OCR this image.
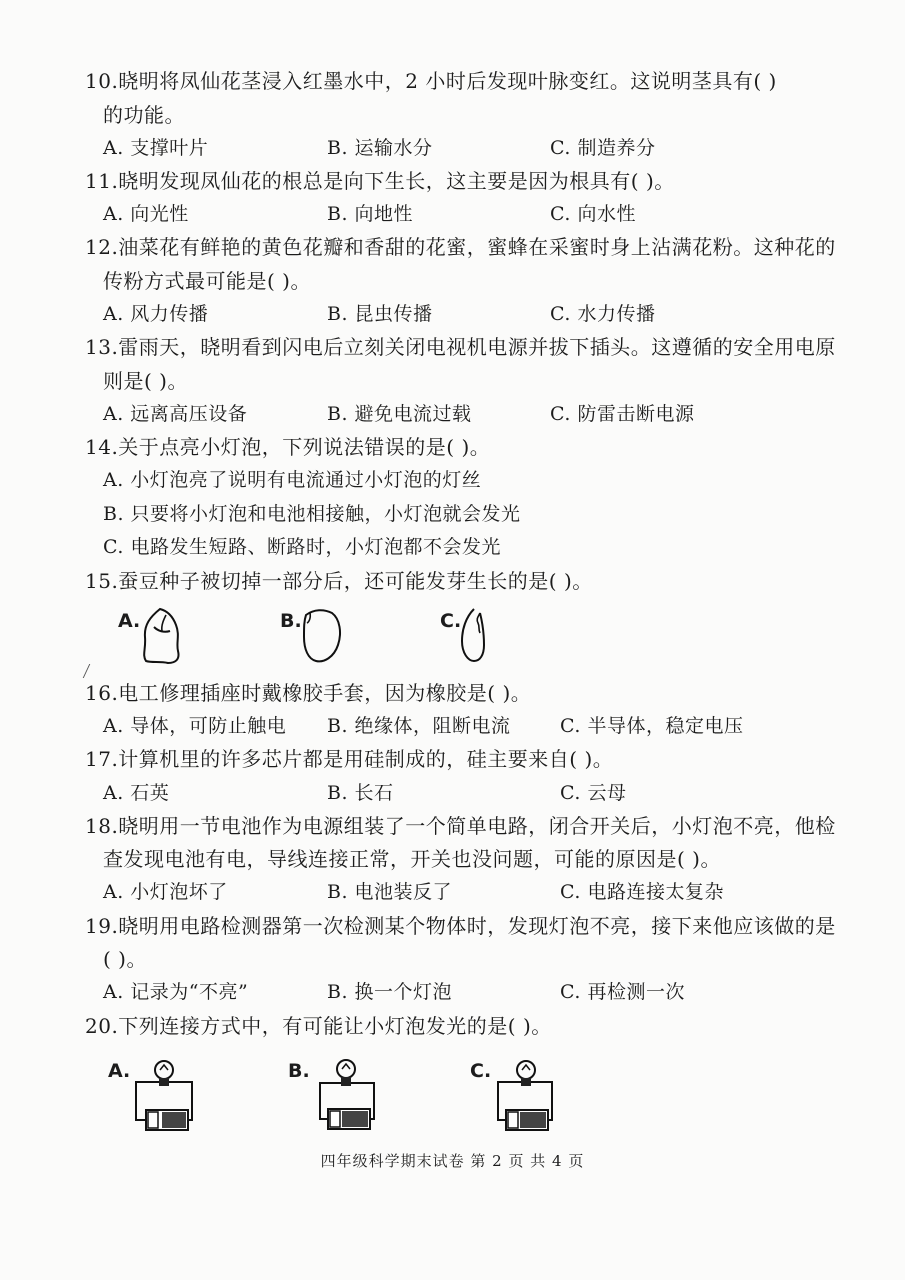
10.晓明将凤仙花茎浸入红墨水中，2 小时后发现叶脉变红。这说明茎具有( )
的功能。
A. 支撑叶片	B. 运输水分	C. 制造养分
11.晓明发现凤仙花的根总是向下生长，这主要是因为根具有( )。
A. 向光性	B. 向地性	C. 向水性
12.油菜花有鲜艳的黄色花瓣和香甜的花蜜，蜜蜂在采蜜时身上沾满花粉。这种花的
传粉方式最可能是( )。
A. 风力传播	B. 昆虫传播	C. 水力传播
13.雷雨天，晓明看到闪电后立刻关闭电视机电源并拔下插头。这遵循的安全用电原
则是( )。
A. 远离高压设备	B. 避免电流过载	C. 防雷击断电源
14.关于点亮小灯泡，下列说法错误的是( )。
A. 小灯泡亮了说明有电流通过小灯泡的灯丝
B. 只要将小灯泡和电池相接触，小灯泡就会发光
C. 电路发生短路、断路时，小灯泡都不会发光
15.蚕豆种子被切掉一部分后，还可能发芽生长的是( )。
A.	B.	C.
16.电工修理插座时戴橡胶手套，因为橡胶是( )。
A. 导体，可防止触电 B. 绝缘体，阻断电流	C. 半导体，稳定电压
17.计算机里的许多芯片都是用硅制成的，硅主要来自( )。
A. 石英	B. 长石	C. 云母
18.晓明用一节电池作为电源组装了一个简单电路，闭合开关后，小灯泡不亮，他检
查发现电池有电，导线连接正常，开关也没问题，可能的原因是( )。
A. 小灯泡坏了	B. 电池装反了	C. 电路连接太复杂
19.晓明用电路检测器第一次检测某个物体时，发现灯泡不亮，接下来他应该做的是
( )。
A. 记录为“不亮”	B. 换一个灯泡	C. 再检测一次
20.下列连接方式中，有可能让小灯泡发光的是( )。
A.	B.	C.
四年级科学期末试卷 第 2 页 共 4 页
